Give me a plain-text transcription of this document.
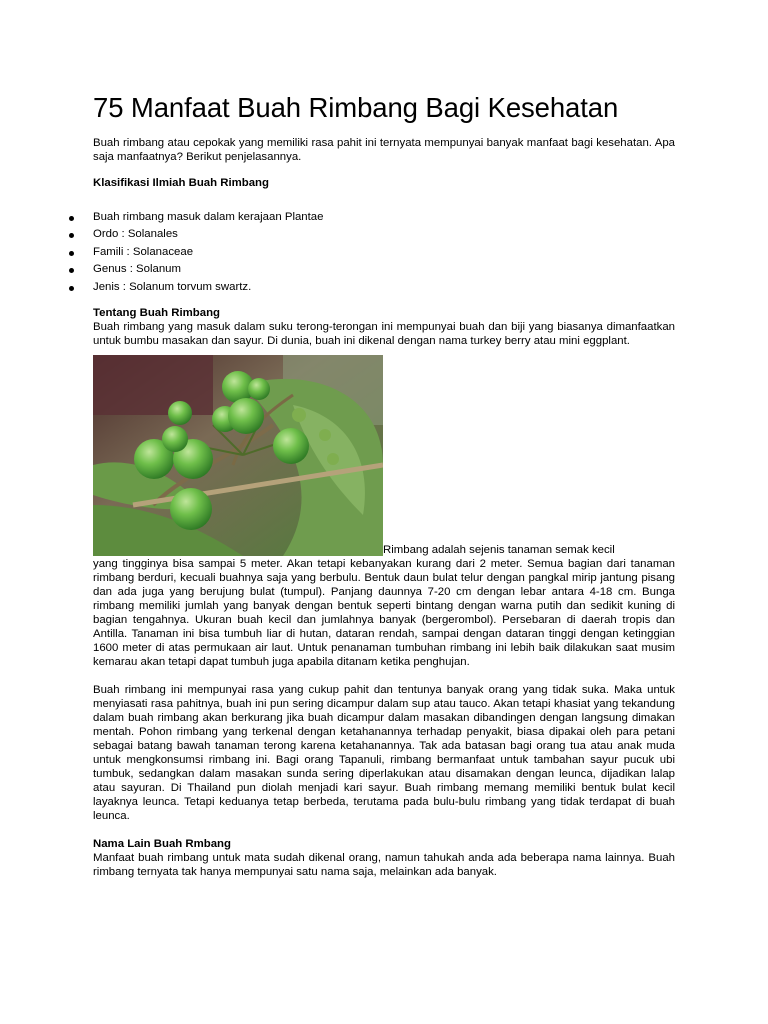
75 Manfaat Buah Rimbang Bagi Kesehatan

Buah rimbang atau cepokak yang memiliki rasa pahit ini ternyata mempunyai banyak manfaat bagi kesehatan. Apa saja manfaatnya? Berikut penjelasannya.

Klasifikasi Ilmiah Buah Rimbang

Buah rimbang masuk dalam kerajaan Plantae
Ordo : Solanales
Famili : Solanaceae
Genus : Solanum
Jenis : Solanum torvum swartz.

Tentang Buah Rimbang

Buah rimbang yang masuk dalam suku terong-terongan ini mempunyai buah dan biji yang biasanya dimanfaatkan untuk bumbu masakan dan sayur. Di dunia, buah ini dikenal dengan nama turkey berry atau mini eggplant.

Rimbang adalah sejenis tanaman semak kecil

yang tingginya bisa sampai 5 meter. Akan tetapi kebanyakan kurang dari 2 meter. Semua bagian dari tanaman rimbang berduri, kecuali buahnya saja yang berbulu. Bentuk daun bulat telur dengan pangkal mirip jantung pisang dan ada juga yang berujung bulat (tumpul). Panjang daunnya 7-20 cm dengan lebar antara 4-18 cm. Bunga rimbang memiliki jumlah yang banyak dengan bentuk seperti bintang dengan warna putih dan sedikit kuning di bagian tengahnya. Ukuran buah kecil dan jumlahnya banyak (bergerombol). Persebaran di daerah tropis dan Antilla. Tanaman ini bisa tumbuh liar di hutan, dataran rendah, sampai dengan dataran tinggi dengan ketinggian 1600 meter di atas permukaan air laut. Untuk penanaman tumbuhan rimbang ini lebih baik dilakukan saat musim kemarau akan tetapi dapat tumbuh juga apabila ditanam ketika penghujan.

Buah rimbang ini mempunyai rasa yang cukup pahit dan tentunya banyak orang yang tidak suka. Maka untuk menyiasati rasa pahitnya, buah ini pun sering dicampur dalam sup atau tauco. Akan tetapi khasiat yang tekandung dalam buah rimbang akan berkurang jika buah dicampur dalam masakan dibandingen dengan langsung dimakan mentah. Pohon rimbang yang terkenal dengan ketahanannya terhadap penyakit, biasa dipakai oleh para petani sebagai batang bawah tanaman terong karena ketahanannya. Tak ada batasan bagi orang tua atau anak muda untuk mengkonsumsi rimbang ini. Bagi orang Tapanuli, rimbang bermanfaat untuk tambahan sayur pucuk ubi tumbuk, sedangkan dalam masakan sunda sering diperlakukan atau disamakan dengan leunca, dijadikan lalap atau sayuran. Di Thailand pun diolah menjadi kari sayur. Buah rimbang memang memiliki bentuk bulat kecil layaknya leunca. Tetapi keduanya tetap berbeda, terutama pada bulu-bulu rimbang yang tidak terdapat di buah leunca.

Nama Lain Buah Rmbang

Manfaat buah rimbang untuk mata sudah dikenal orang, namun tahukah anda ada beberapa nama lainnya. Buah rimbang ternyata tak hanya mempunyai satu nama saja, melainkan ada banyak.
